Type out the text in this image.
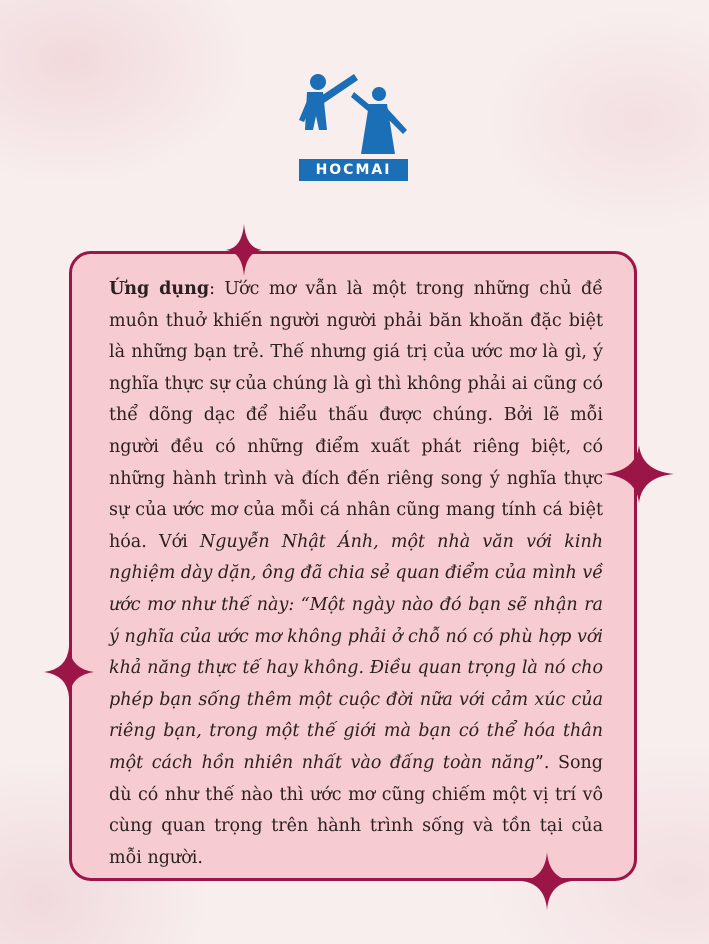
HOCMAI

Ứng dụng: Ước mơ vẫn là một trong những chủ đề muôn thuở khiến người người phải băn khoăn đặc biệt là những bạn trẻ. Thế nhưng giá trị của ước mơ là gì, ý nghĩa thực sự của chúng là gì thì không phải ai cũng có thể dõng dạc để hiểu thấu được chúng. Bởi lẽ mỗi người đều có những điểm xuất phát riêng biệt, có những hành trình và đích đến riêng song ý nghĩa thực sự của ước mơ của mỗi cá nhân cũng mang tính cá biệt hóa. Với Nguyễn Nhật Ánh, một nhà văn với kinh nghiệm dày dặn, ông đã chia sẻ quan điểm của mình về ước mơ như thế này: “Một ngày nào đó bạn sẽ nhận ra ý nghĩa của ước mơ không phải ở chỗ nó có phù hợp với khả năng thực tế hay không. Điều quan trọng là nó cho phép bạn sống thêm một cuộc đời nữa với cảm xúc của riêng bạn, trong một thế giới mà bạn có thể hóa thân một cách hồn nhiên nhất vào đấng toàn năng”. Song dù có như thế nào thì ước mơ cũng chiếm một vị trí vô cùng quan trọng trên hành trình sống và tồn tại của mỗi người.
